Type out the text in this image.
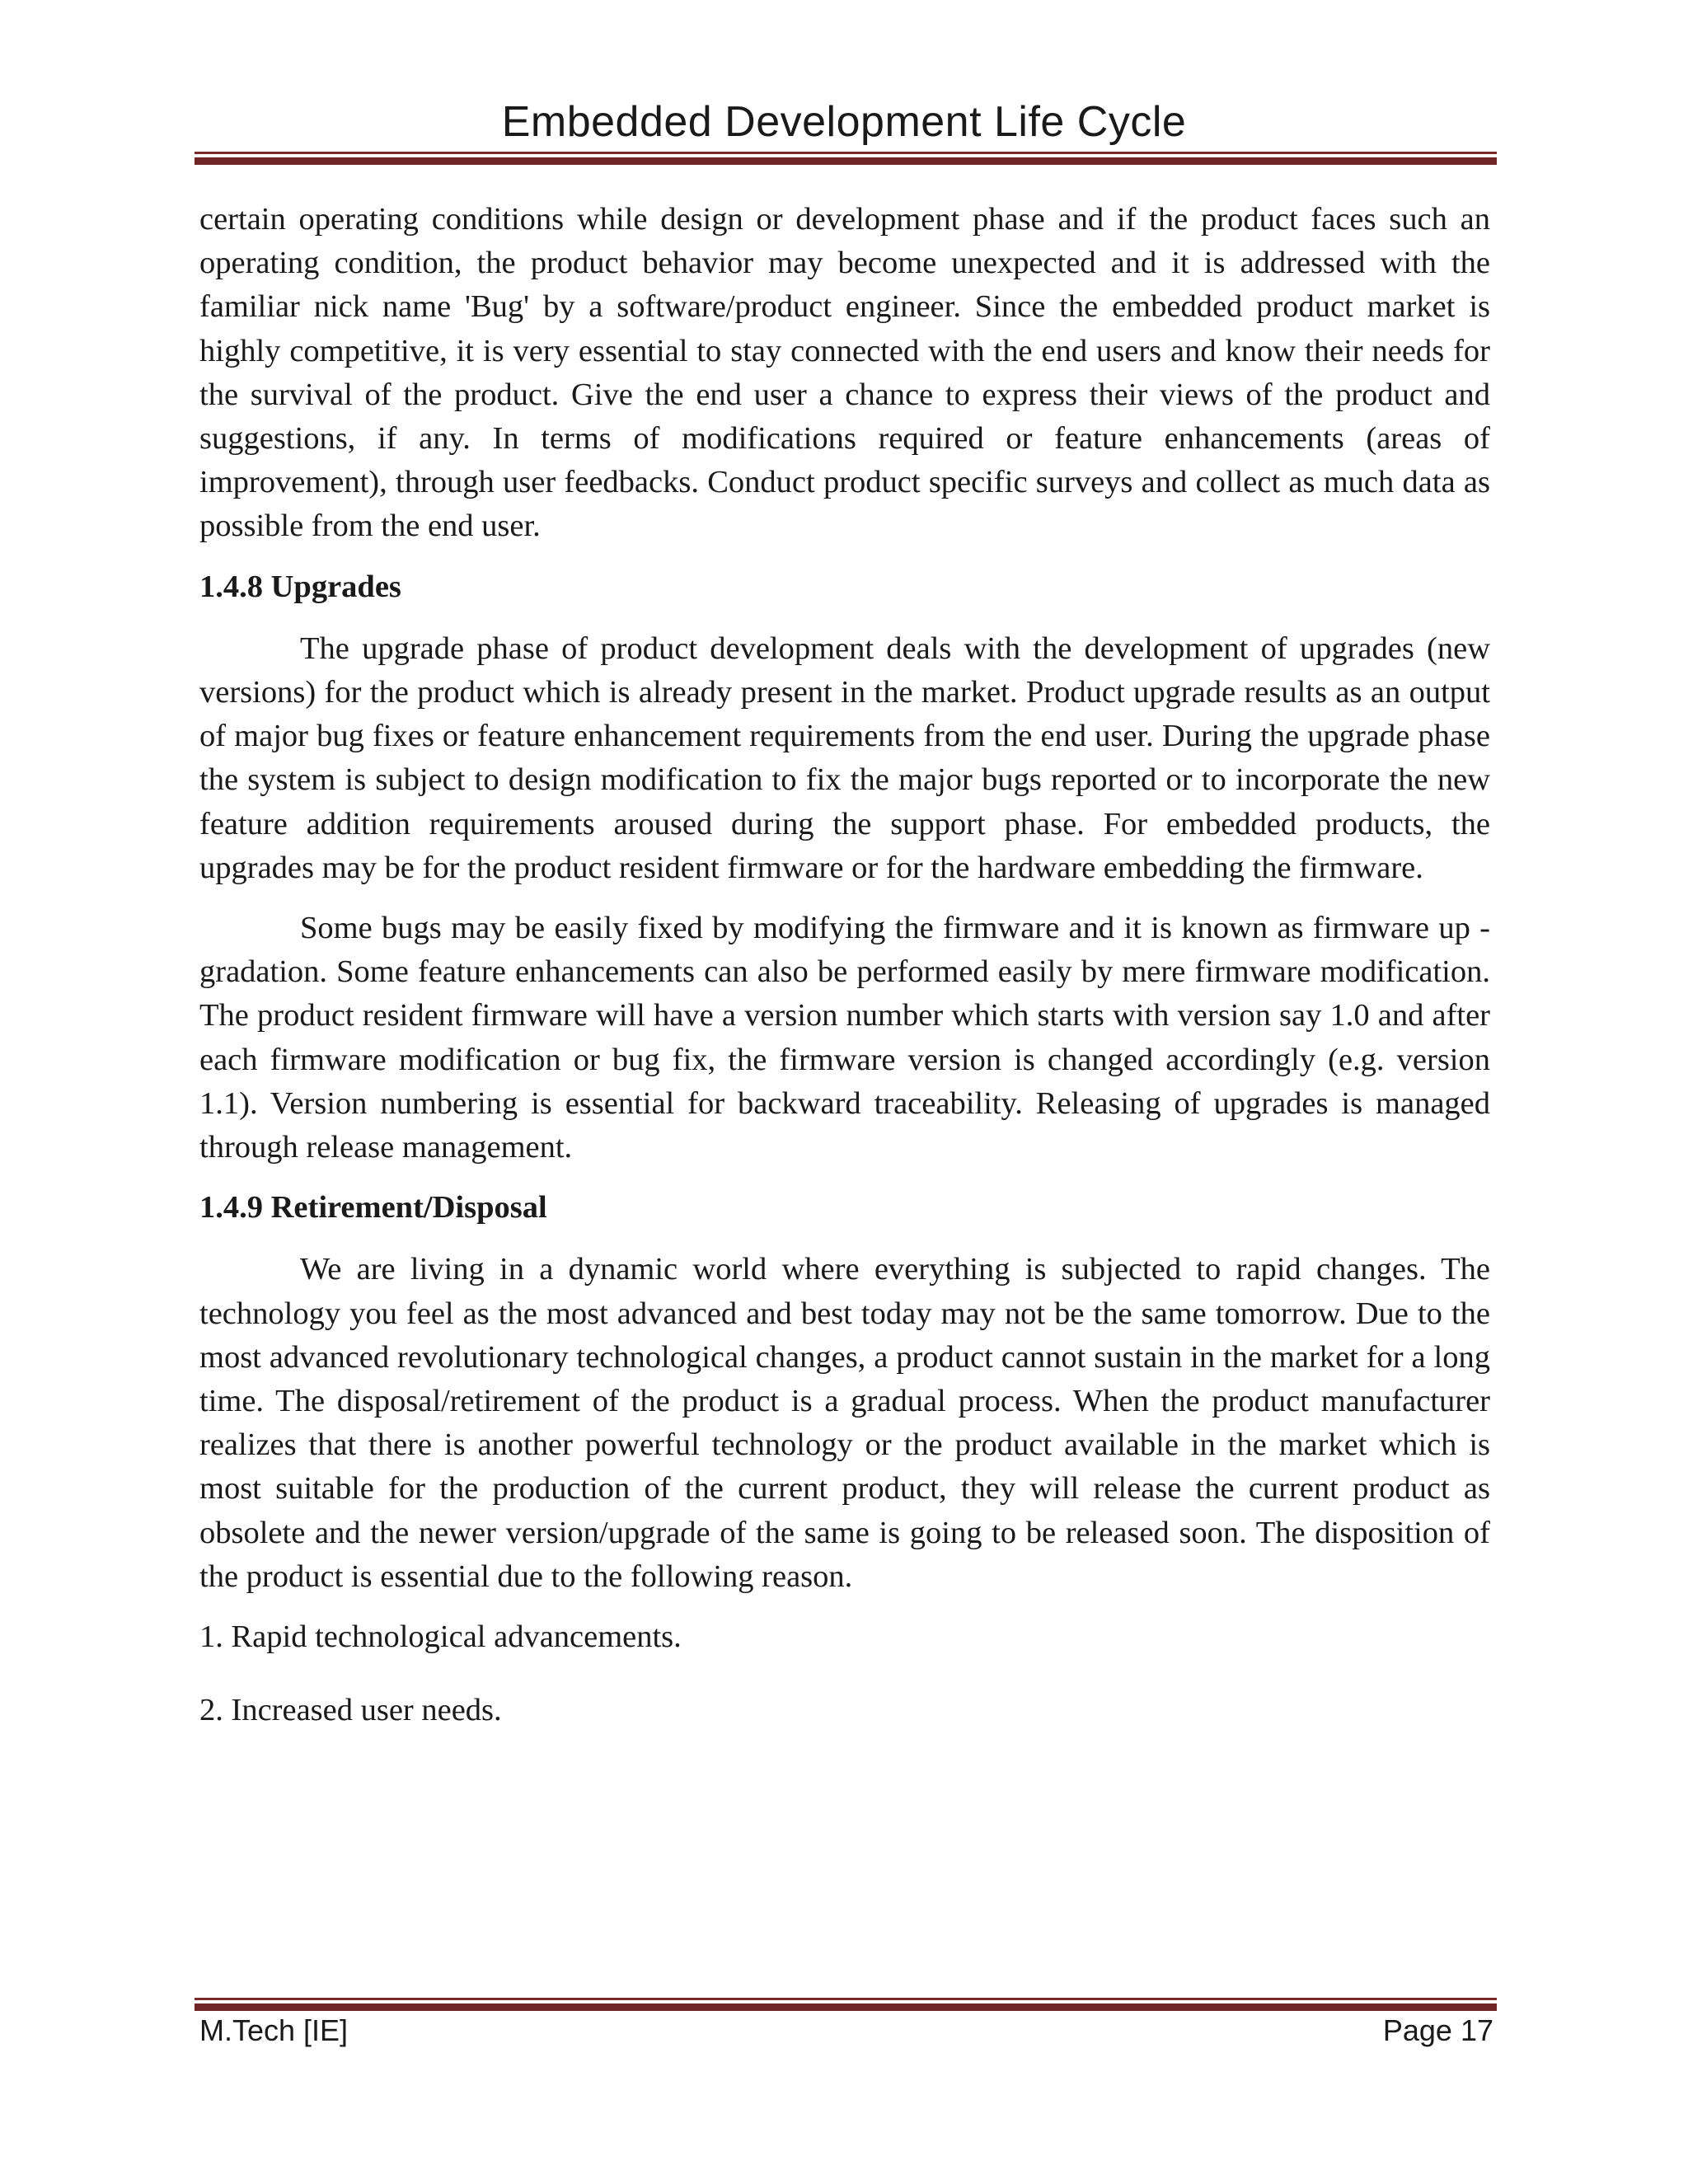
Embedded Development Life Cycle

certain operating conditions while design or development phase and if the product faces such an operating condition, the product behavior may become unexpected and it is addressed with the familiar nick name 'Bug' by a software/product engineer. Since the embedded product market is highly competitive, it is very essential to stay connected with the end users and know their needs for the survival of the product. Give the end user a chance to express their views of the product and suggestions, if any. In terms of modifications required or feature enhancements (areas of improvement), through user feedbacks. Conduct product specific surveys and collect as much data as possible from the end user.

1.4.8 Upgrades

The upgrade phase of product development deals with the development of upgrades (new versions) for the product which is already present in the market. Product upgrade results as an output of major bug fixes or feature enhancement requirements from the end user. During the upgrade phase the system is subject to design modification to fix the major bugs reported or to incorporate the new feature addition requirements aroused during the support phase. For embedded products, the upgrades may be for the product resident firmware or for the hardware embedding the firmware.

Some bugs may be easily fixed by modifying the firmware and it is known as firmware up -gradation. Some feature enhancements can also be performed easily by mere firmware modification. The product resident firmware will have a version number which starts with version say 1.0 and after each firmware modification or bug fix, the firmware version is changed accordingly (e.g. version 1.1). Version numbering is essential for backward traceability. Releasing of upgrades is managed through release management.

1.4.9 Retirement/Disposal

We are living in a dynamic world where everything is subjected to rapid changes. The technology you feel as the most advanced and best today may not be the same tomorrow. Due to the most advanced revolutionary technological changes, a product cannot sustain in the market for a long time. The disposal/retirement of the product is a gradual process. When the product manufacturer realizes that there is another powerful technology or the product available in the market which is most suitable for the production of the current product, they will release the current product as obsolete and the newer version/upgrade of the same is going to be released soon. The disposition of the product is essential due to the following reason.

1. Rapid technological advancements.

2. Increased user needs.

M.Tech [IE]	Page 17
